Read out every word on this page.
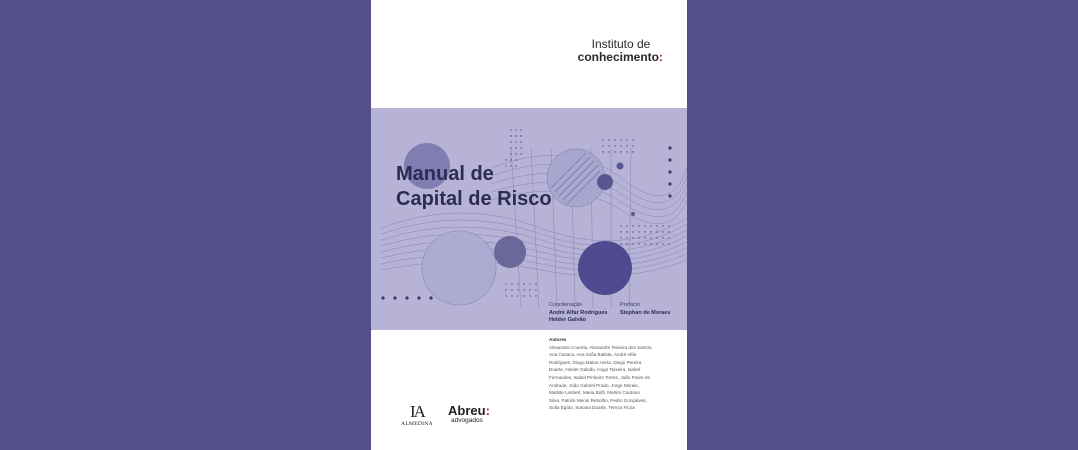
Instituto de
conhecimento:
Manual de
Capital de Risco
Coordenação
André Alfar Rodrigues
Helder Galvão
Prefácio
Stephan de Moraes
Autores
Alexandra Courela, Alexandre Teixeira dos Santos,
Ana Casaca, Ana Sofia Batista, André Alfar
Rodrigues, Diogo Matos Horta, Diogo Pereira
Duarte, Helder Galvão, Hugo Teixeira, Isabel
Fernandes, Isabel Pinheiro Torres, João Freire de
Andrade, João Gabriel Prado, Jorge Morais,
Matilde Limbert, Maria Bolfi, Martim Cardoso
Silva, Patrick Menin Rebolho, Pedro Gonçalves,
Sofia Egído, Susana Duarte, Tereza Fiúza
IA
ALMEDINA
Abreu:
advogados
